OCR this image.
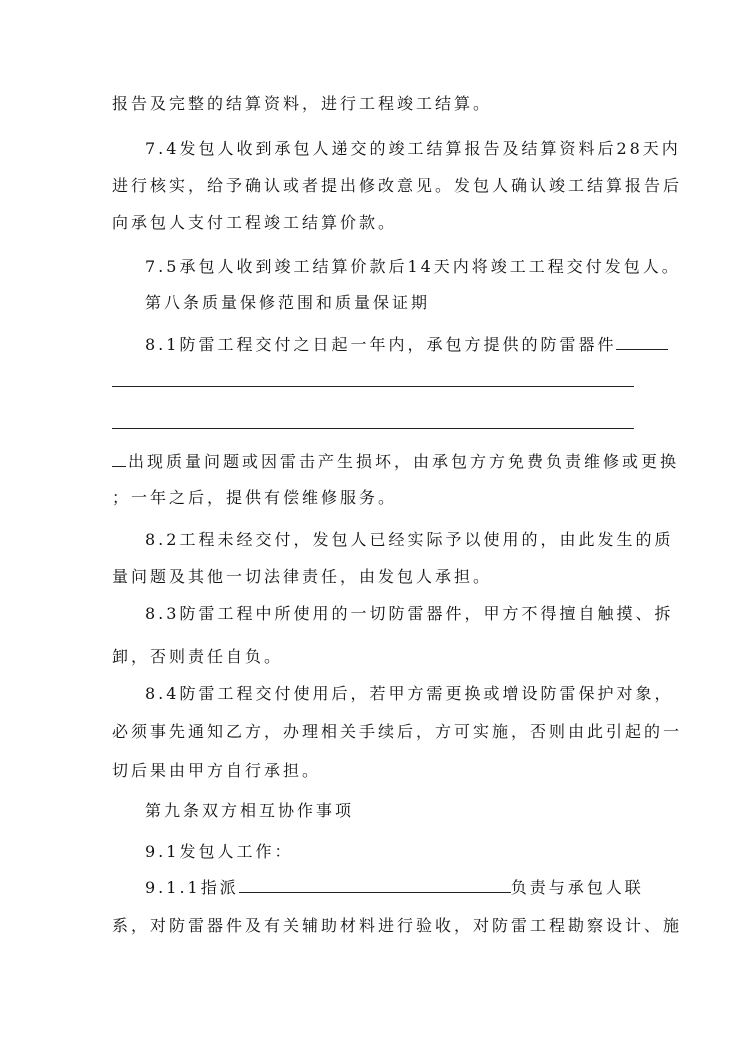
报告及完整的结算资料，进行工程竣工结算。
7.4发包人收到承包人递交的竣工结算报告及结算资料后28天内
进行核实，给予确认或者提出修改意见。发包人确认竣工结算报告后
向承包人支付工程竣工结算价款。
7.5承包人收到竣工结算价款后14天内将竣工工程交付发包人。
第八条质量保修范围和质量保证期
8.1防雷工程交付之日起一年内，承包方提供的防雷器件
出现质量问题或因雷击产生损坏，由承包方方免费负责维修或更换
；一年之后，提供有偿维修服务。
8.2工程未经交付，发包人已经实际予以使用的，由此发生的质
量问题及其他一切法律责任，由发包人承担。
8.3防雷工程中所使用的一切防雷器件，甲方不得擅自触摸、拆
卸，否则责任自负。
8.4防雷工程交付使用后，若甲方需更换或增设防雷保护对象，
必须事先通知乙方，办理相关手续后，方可实施，否则由此引起的一
切后果由甲方自行承担。
第九条双方相互协作事项
9.1发包人工作：
9.1.1指派	负责与承包人联
系，对防雷器件及有关辅助材料进行验收，对防雷工程勘察设计、施
